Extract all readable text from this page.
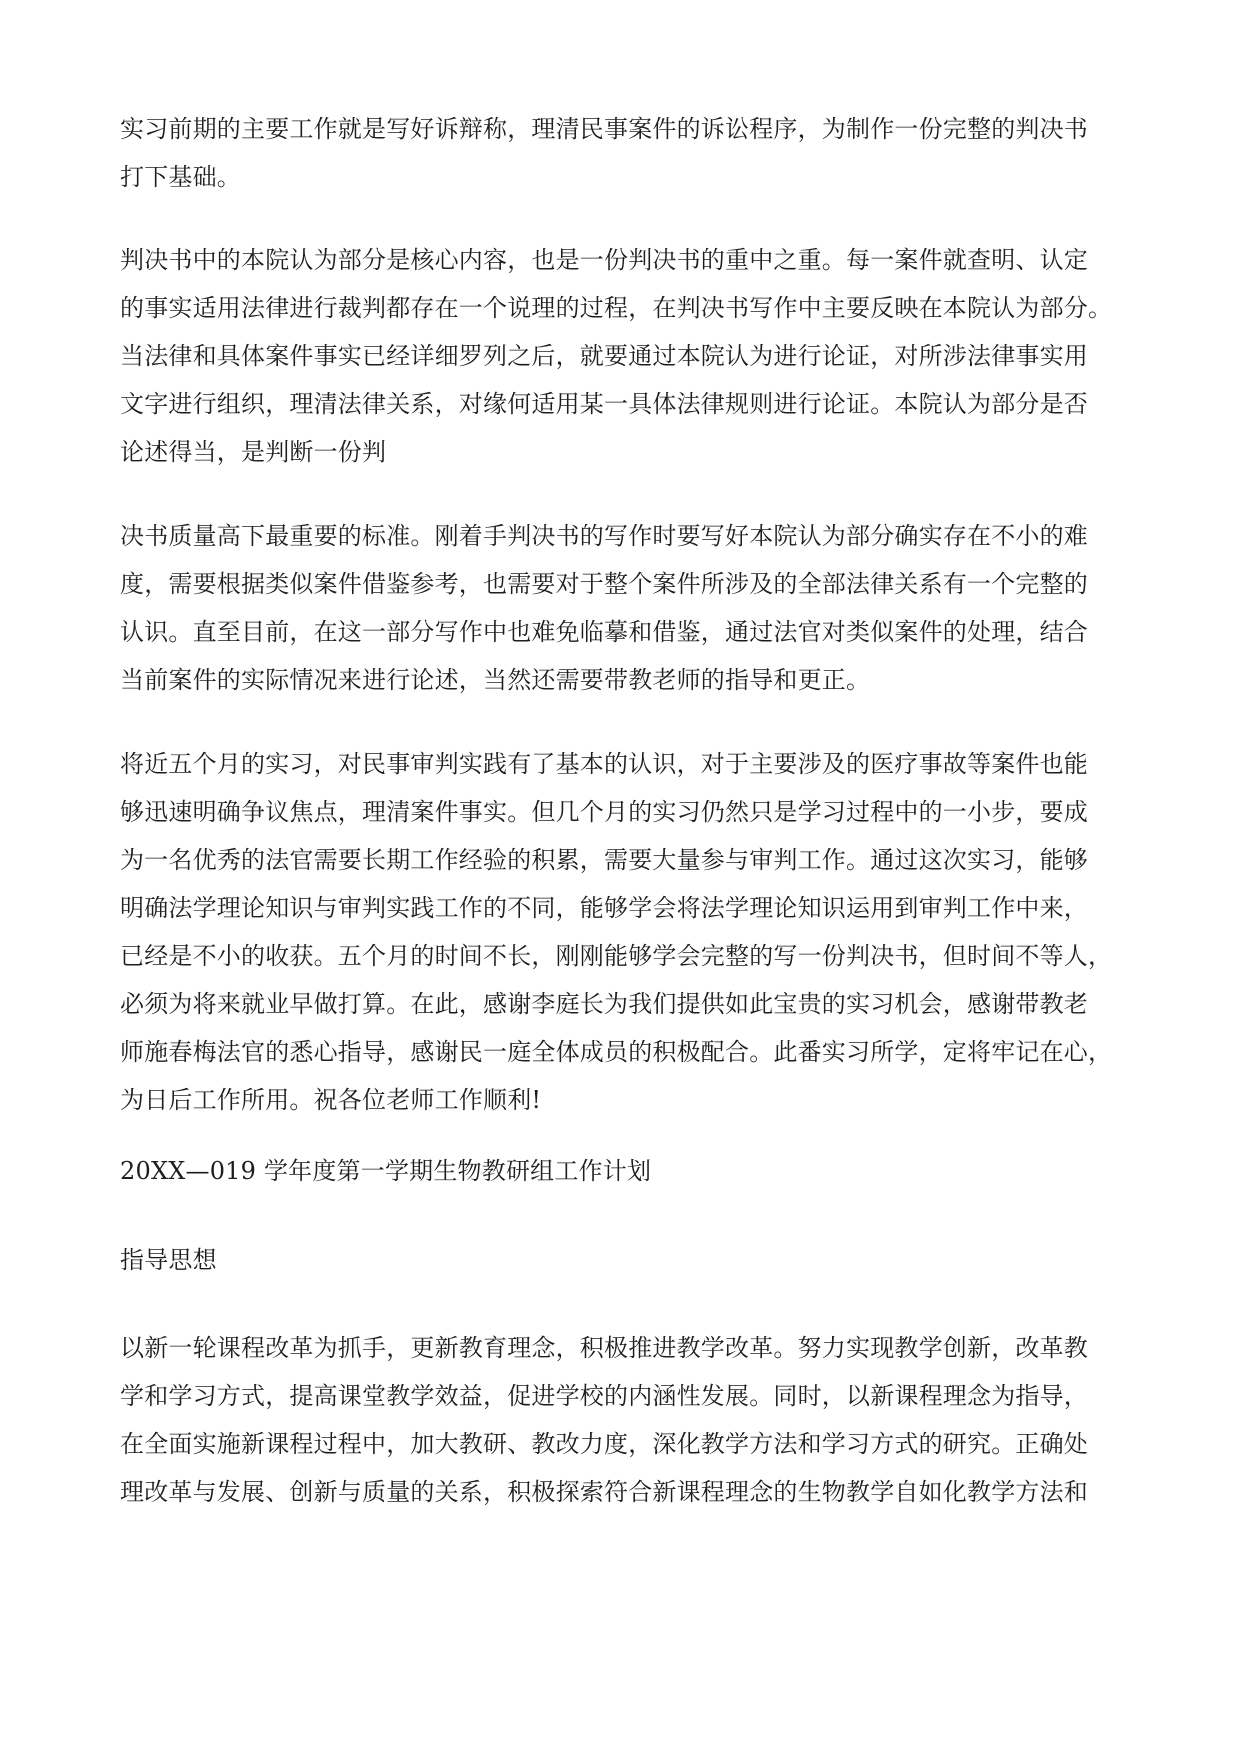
实习前期的主要工作就是写好诉辩称，理清民事案件的诉讼程序，为制作一份完整的判决书
打下基础。
判决书中的本院认为部分是核心内容，也是一份判决书的重中之重。每一案件就查明、认定
的事实适用法律进行裁判都存在一个说理的过程，在判决书写作中主要反映在本院认为部分。
当法律和具体案件事实已经详细罗列之后，就要通过本院认为进行论证，对所涉法律事实用
文字进行组织，理清法律关系，对缘何适用某一具体法律规则进行论证。本院认为部分是否
论述得当，是判断一份判
决书质量高下最重要的标准。刚着手判决书的写作时要写好本院认为部分确实存在不小的难
度，需要根据类似案件借鉴参考，也需要对于整个案件所涉及的全部法律关系有一个完整的
认识。直至目前，在这一部分写作中也难免临摹和借鉴，通过法官对类似案件的处理，结合
当前案件的实际情况来进行论述，当然还需要带教老师的指导和更正。
将近五个月的实习，对民事审判实践有了基本的认识，对于主要涉及的医疗事故等案件也能
够迅速明确争议焦点，理清案件事实。但几个月的实习仍然只是学习过程中的一小步，要成
为一名优秀的法官需要长期工作经验的积累，需要大量参与审判工作。通过这次实习，能够
明确法学理论知识与审判实践工作的不同，能够学会将法学理论知识运用到审判工作中来，
已经是不小的收获。五个月的时间不长，刚刚能够学会完整的写一份判决书，但时间不等人，
必须为将来就业早做打算。在此，感谢李庭长为我们提供如此宝贵的实习机会，感谢带教老
师施春梅法官的悉心指导，感谢民一庭全体成员的积极配合。此番实习所学，定将牢记在心，
为日后工作所用。祝各位老师工作顺利!
20XX—019 学年度第一学期生物教研组工作计划
指导思想
以新一轮课程改革为抓手，更新教育理念，积极推进教学改革。努力实现教学创新，改革教
学和学习方式，提高课堂教学效益，促进学校的内涵性发展。同时，以新课程理念为指导，
在全面实施新课程过程中，加大教研、教改力度，深化教学方法和学习方式的研究。正确处
理改革与发展、创新与质量的关系，积极探索符合新课程理念的生物教学自如化教学方法和
